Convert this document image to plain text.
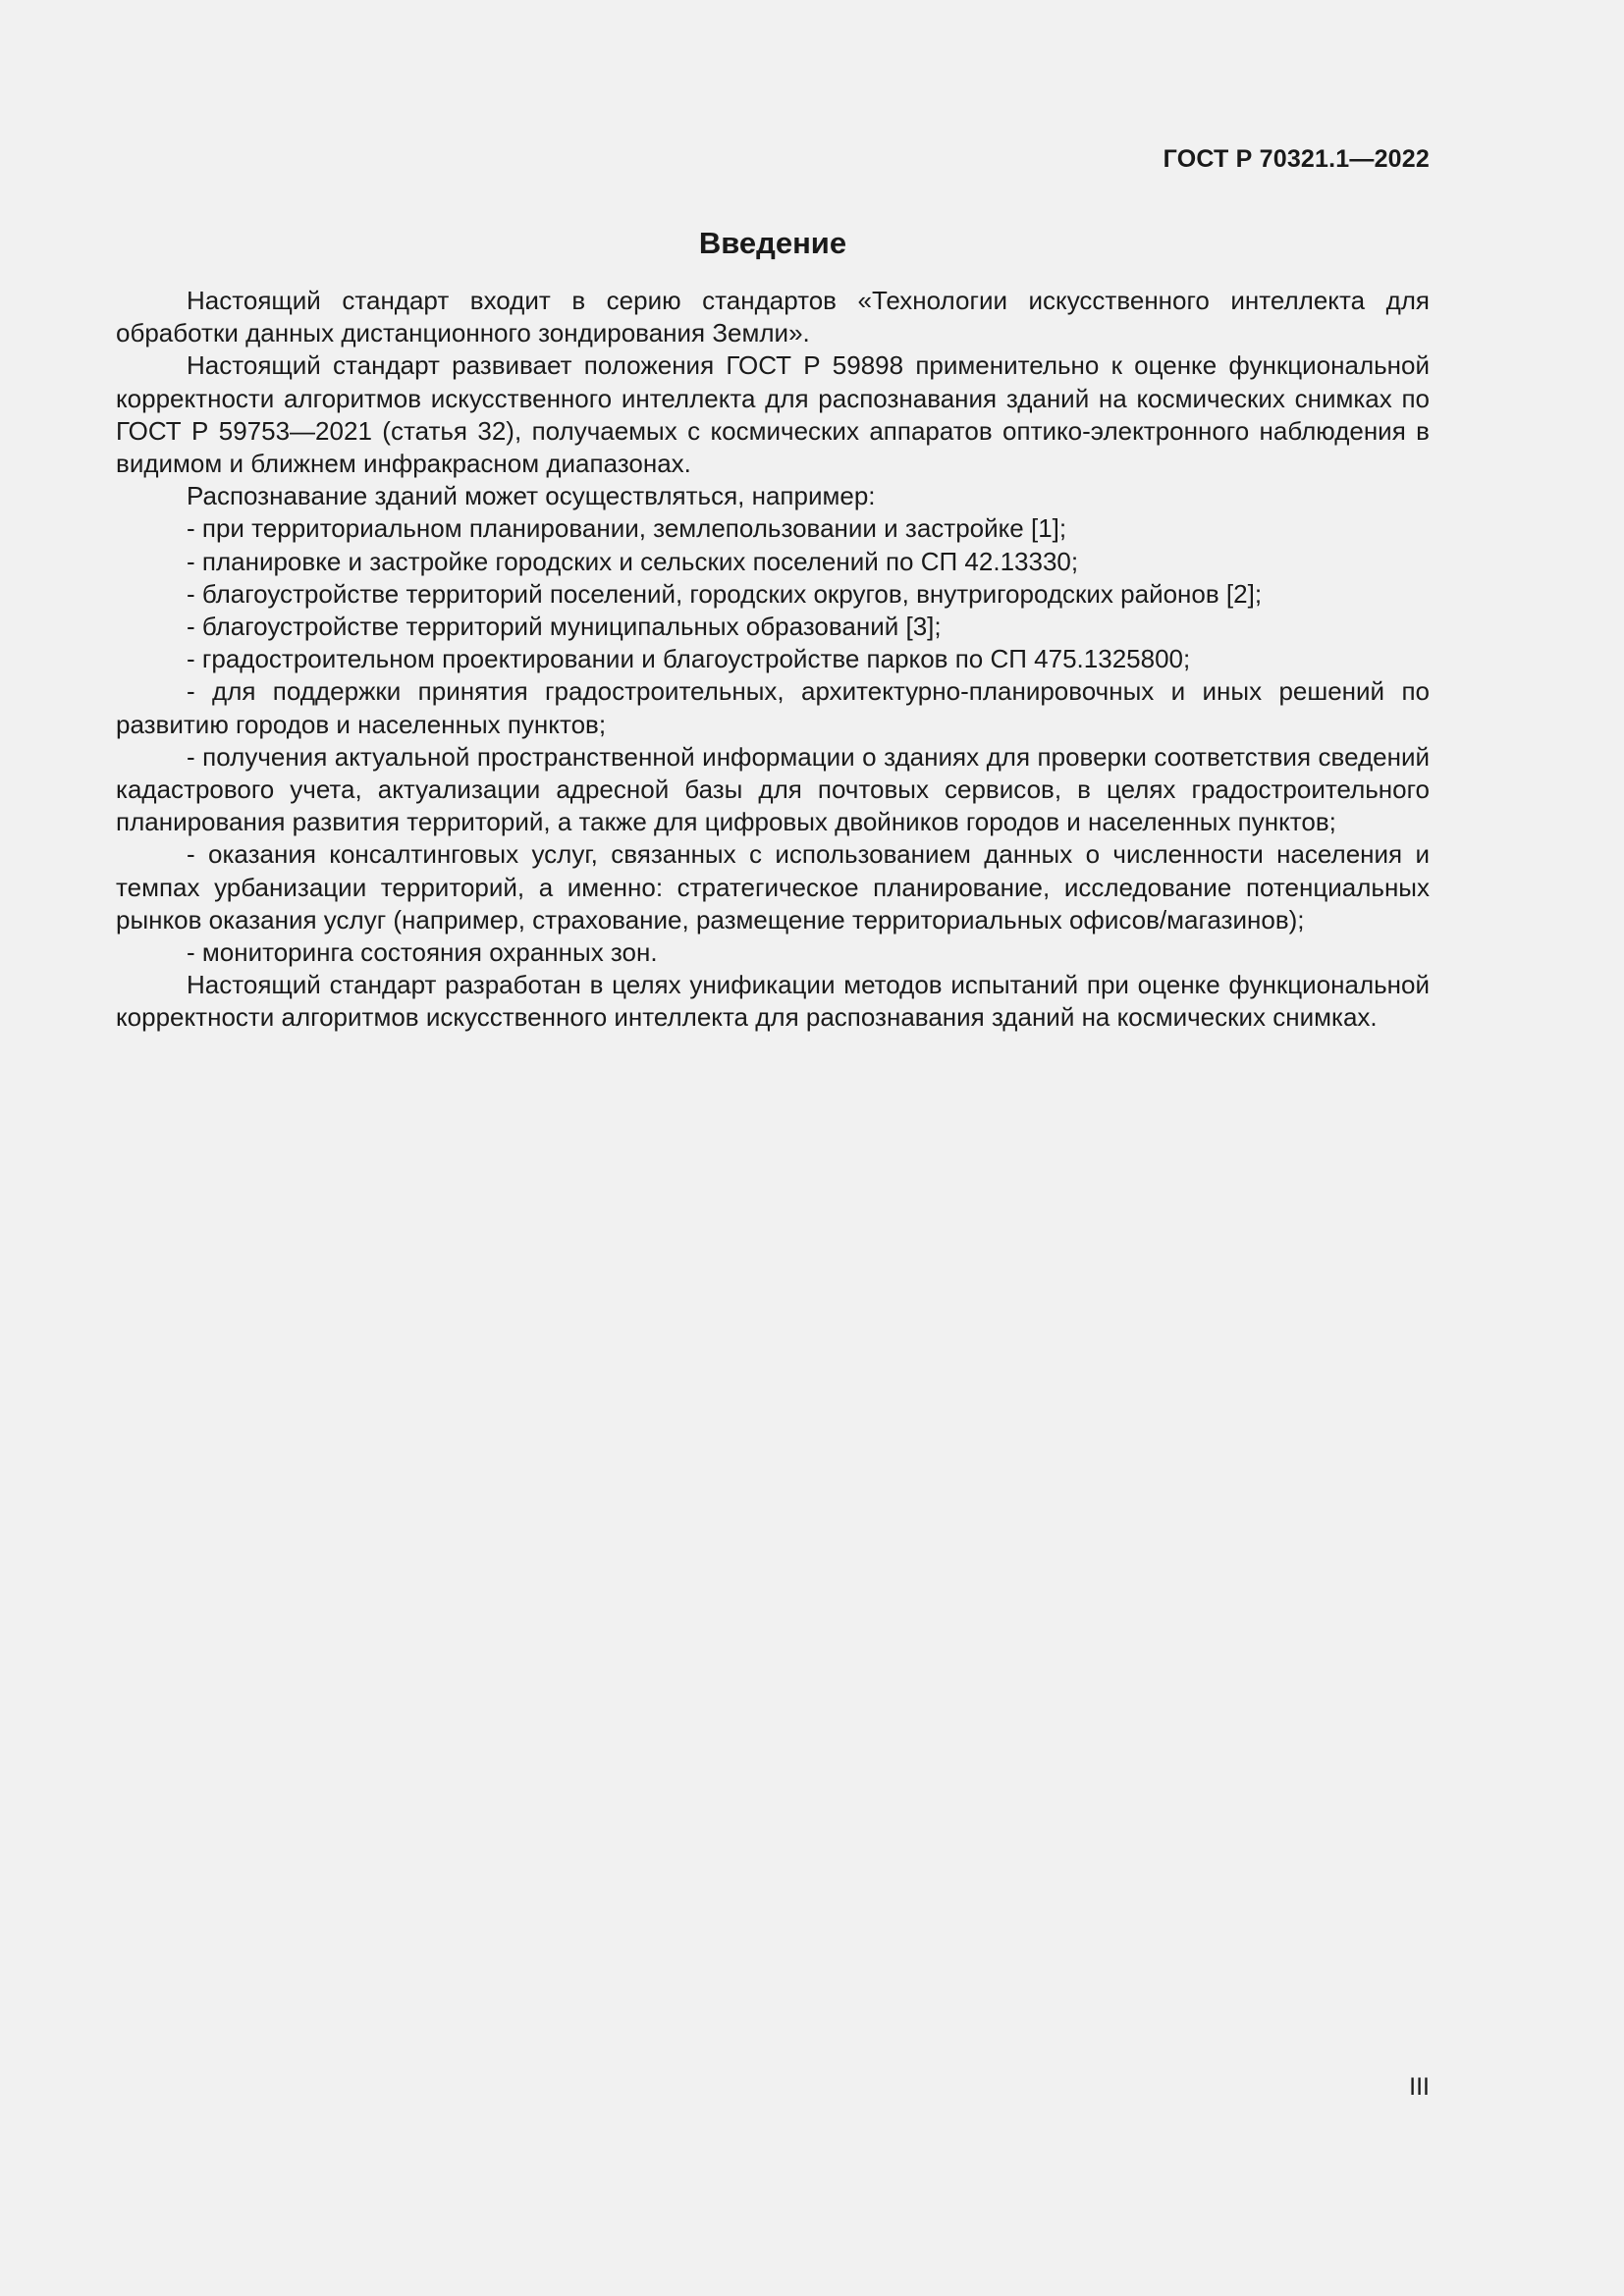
ГОСТ Р 70321.1—2022

Введение

Настоящий стандарт входит в серию стандартов «Технологии искусственного интеллекта для обработки данных дистанционного зондирования Земли».

Настоящий стандарт развивает положения ГОСТ Р 59898 применительно к оценке функциональной корректности алгоритмов искусственного интеллекта для распознавания зданий на космических снимках по ГОСТ Р 59753—2021 (статья 32), получаемых с космических аппаратов оптико-электронного наблюдения в видимом и ближнем инфракрасном диапазонах.

Распознавание зданий может осуществляться, например:

- при территориальном планировании, землепользовании и застройке [1];

- планировке и застройке городских и сельских поселений по СП 42.13330;

- благоустройстве территорий поселений, городских округов, внутригородских районов [2];

- благоустройстве территорий муниципальных образований [3];

- градостроительном проектировании и благоустройстве парков по СП 475.1325800;

- для поддержки принятия градостроительных, архитектурно-планировочных и иных решений по развитию городов и населенных пунктов;

- получения актуальной пространственной информации о зданиях для проверки соответствия сведений кадастрового учета, актуализации адресной базы для почтовых сервисов, в целях градостроительного планирования развития территорий, а также для цифровых двойников городов и населенных пунктов;

- оказания консалтинговых услуг, связанных с использованием данных о численности населения и темпах урбанизации территорий, а именно: стратегическое планирование, исследование потенциальных рынков оказания услуг (например, страхование, размещение территориальных офисов/магазинов);

- мониторинга состояния охранных зон.

Настоящий стандарт разработан в целях унификации методов испытаний при оценке функциональной корректности алгоритмов искусственного интеллекта для распознавания зданий на космических снимках.

III
